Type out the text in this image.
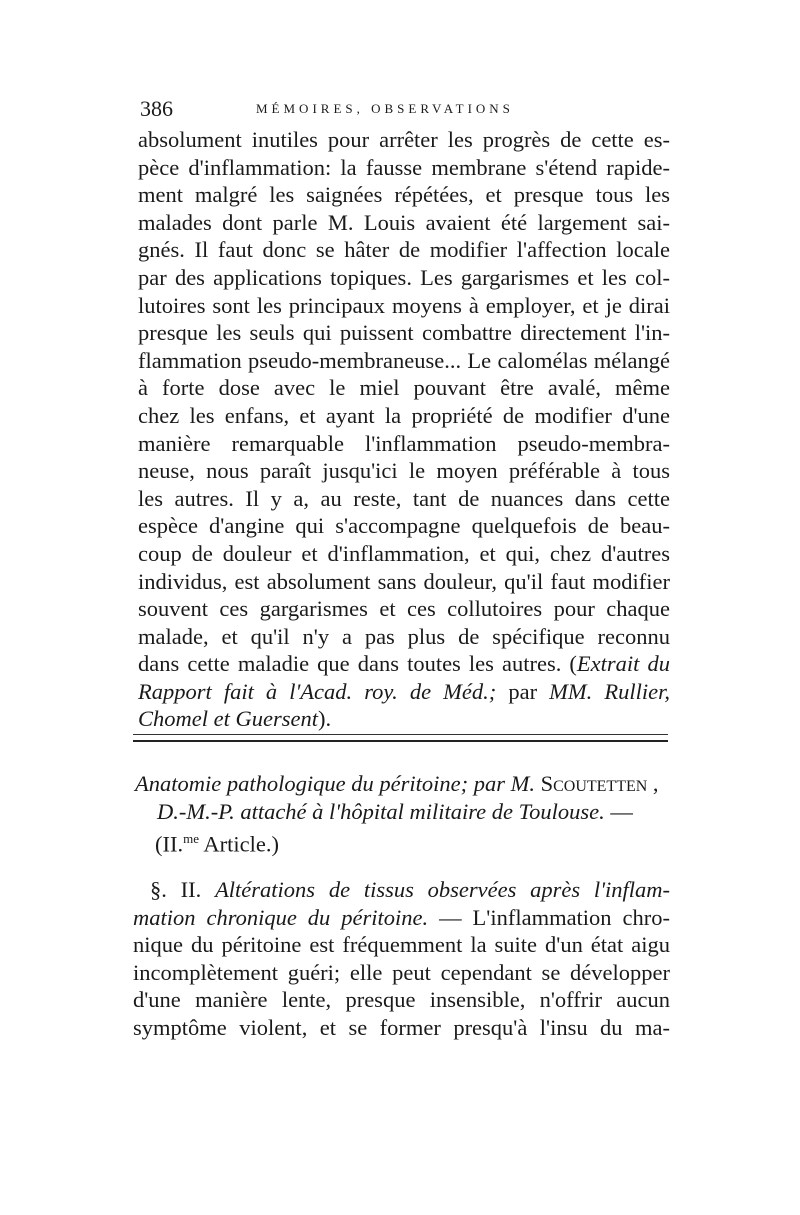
386	MÉMOIRES, OBSERVATIONS
absolument inutiles pour arrêter les progrès de cette es-
pèce d'inflammation: la fausse membrane s'étend rapide-
ment malgré les saignées répétées, et presque tous les
malades dont parle M. Louis avaient été largement sai-
gnés. Il faut donc se hâter de modifier l'affection locale
par des applications topiques. Les gargarismes et les col-
lutoires sont les principaux moyens à employer, et je dirai
presque les seuls qui puissent combattre directement l'in-
flammation pseudo-membraneuse... Le calomélas mélangé
à forte dose avec le miel pouvant être avalé, même
chez les enfans, et ayant la propriété de modifier d'une
manière remarquable l'inflammation pseudo-membra-
neuse, nous paraît jusqu'ici le moyen préférable à tous
les autres. Il y a, au reste, tant de nuances dans cette
espèce d'angine qui s'accompagne quelquefois de beau-
coup de douleur et d'inflammation, et qui, chez d'autres
individus, est absolument sans douleur, qu'il faut modifier
souvent ces gargarismes et ces collutoires pour chaque
malade, et qu'il n'y a pas plus de spécifique reconnu
dans cette maladie que dans toutes les autres. (Extrait du
Rapport fait à l'Acad. roy. de Méd.; par MM. Rullier,
Chomel et Guersent).
Anatomie pathologique du péritoine; par M. Scoutetten ,
D.-M.-P. attaché à l'hôpital militaire de Toulouse. —
(II.$^{me}$ Article.)
§. II. Altérations de tissus observées après l'inflam-
mation chronique du péritoine. — L'inflammation chro-
nique du péritoine est fréquemment la suite d'un état aigu
incomplètement guéri; elle peut cependant se développer
d'une manière lente, presque insensible, n'offrir aucun
symptôme violent, et se former presqu'à l'insu du ma-
